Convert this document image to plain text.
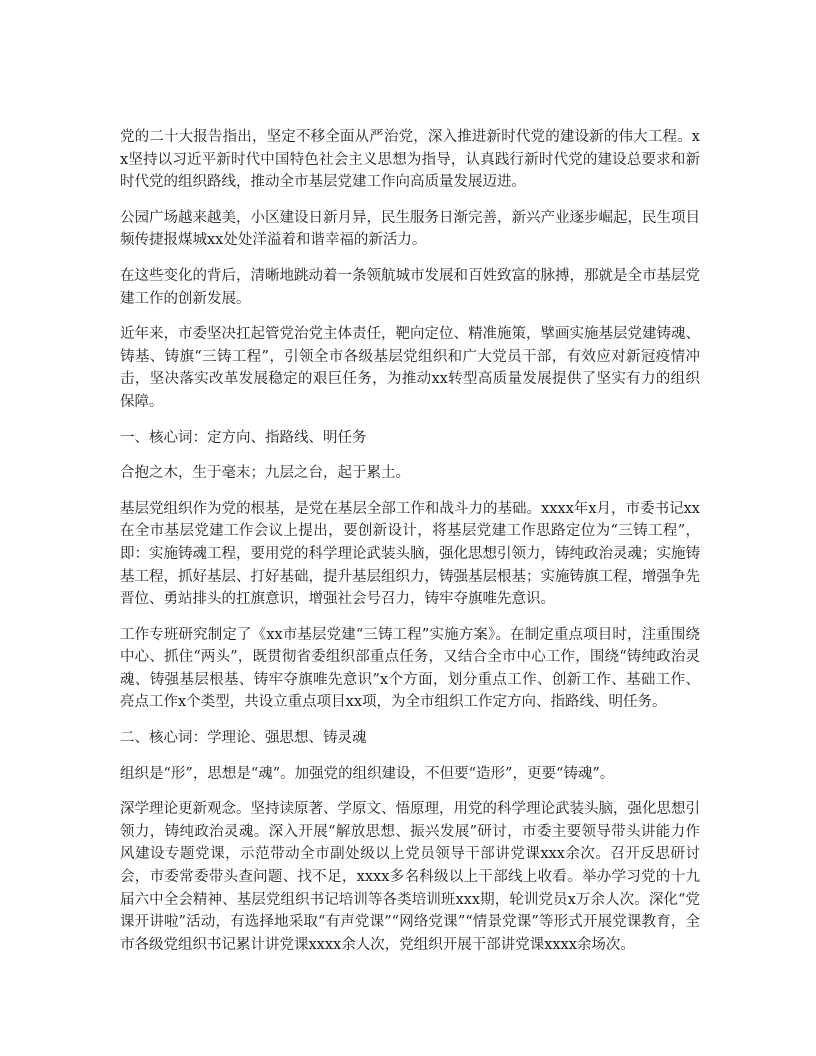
党的二十大报告指出，坚定不移全面从严治党，深入推进新时代党的建设新的伟大工程。xx坚持以习近平新时代中国特色社会主义思想为指导，认真践行新时代党的建设总要求和新时代党的组织路线，推动全市基层党建工作向高质量发展迈进。

公园广场越来越美，小区建设日新月异，民生服务日渐完善，新兴产业逐步崛起，民生项目频传捷报煤城xx处处洋溢着和谐幸福的新活力。

在这些变化的背后，清晰地跳动着一条领航城市发展和百姓致富的脉搏，那就是全市基层党建工作的创新发展。

近年来，市委坚决扛起管党治党主体责任，靶向定位、精准施策，擘画实施基层党建铸魂、铸基、铸旗“三铸工程”，引领全市各级基层党组织和广大党员干部，有效应对新冠疫情冲击，坚决落实改革发展稳定的艰巨任务，为推动xx转型高质量发展提供了坚实有力的组织保障。

一、核心词：定方向、指路线、明任务

合抱之木，生于毫末；九层之台，起于累土。

基层党组织作为党的根基，是党在基层全部工作和战斗力的基础。xxxx年x月，市委书记xx在全市基层党建工作会议上提出，要创新设计，将基层党建工作思路定位为“三铸工程”，即：实施铸魂工程，要用党的科学理论武装头脑，强化思想引领力，铸纯政治灵魂；实施铸基工程，抓好基层、打好基础，提升基层组织力，铸强基层根基；实施铸旗工程，增强争先晋位、勇站排头的扛旗意识，增强社会号召力，铸牢夺旗唯先意识。

工作专班研究制定了《xx市基层党建“三铸工程”实施方案》。在制定重点项目时，注重围绕中心、抓住“两头”，既贯彻省委组织部重点任务，又结合全市中心工作，围绕“铸纯政治灵魂、铸强基层根基、铸牢夺旗唯先意识”x个方面，划分重点工作、创新工作、基础工作、亮点工作x个类型，共设立重点项目xx项，为全市组织工作定方向、指路线、明任务。

二、核心词：学理论、强思想、铸灵魂

组织是“形”，思想是“魂”。加强党的组织建设，不但要“造形”，更要“铸魂”。

深学理论更新观念。坚持读原著、学原文、悟原理，用党的科学理论武装头脑，强化思想引领力，铸纯政治灵魂。深入开展“解放思想、振兴发展”研讨，市委主要领导带头讲能力作风建设专题党课，示范带动全市副处级以上党员领导干部讲党课xxx余次。召开反思研讨会，市委常委带头查问题、找不足，xxxx多名科级以上干部线上收看。举办学习党的十九届六中全会精神、基层党组织书记培训等各类培训班xxx期，轮训党员x万余人次。深化“党课开讲啦”活动，有选择地采取“有声党课”“网络党课”“情景党课”等形式开展党课教育，全市各级党组织书记累计讲党课xxxx余人次，党组织开展干部讲党课xxxx余场次。
